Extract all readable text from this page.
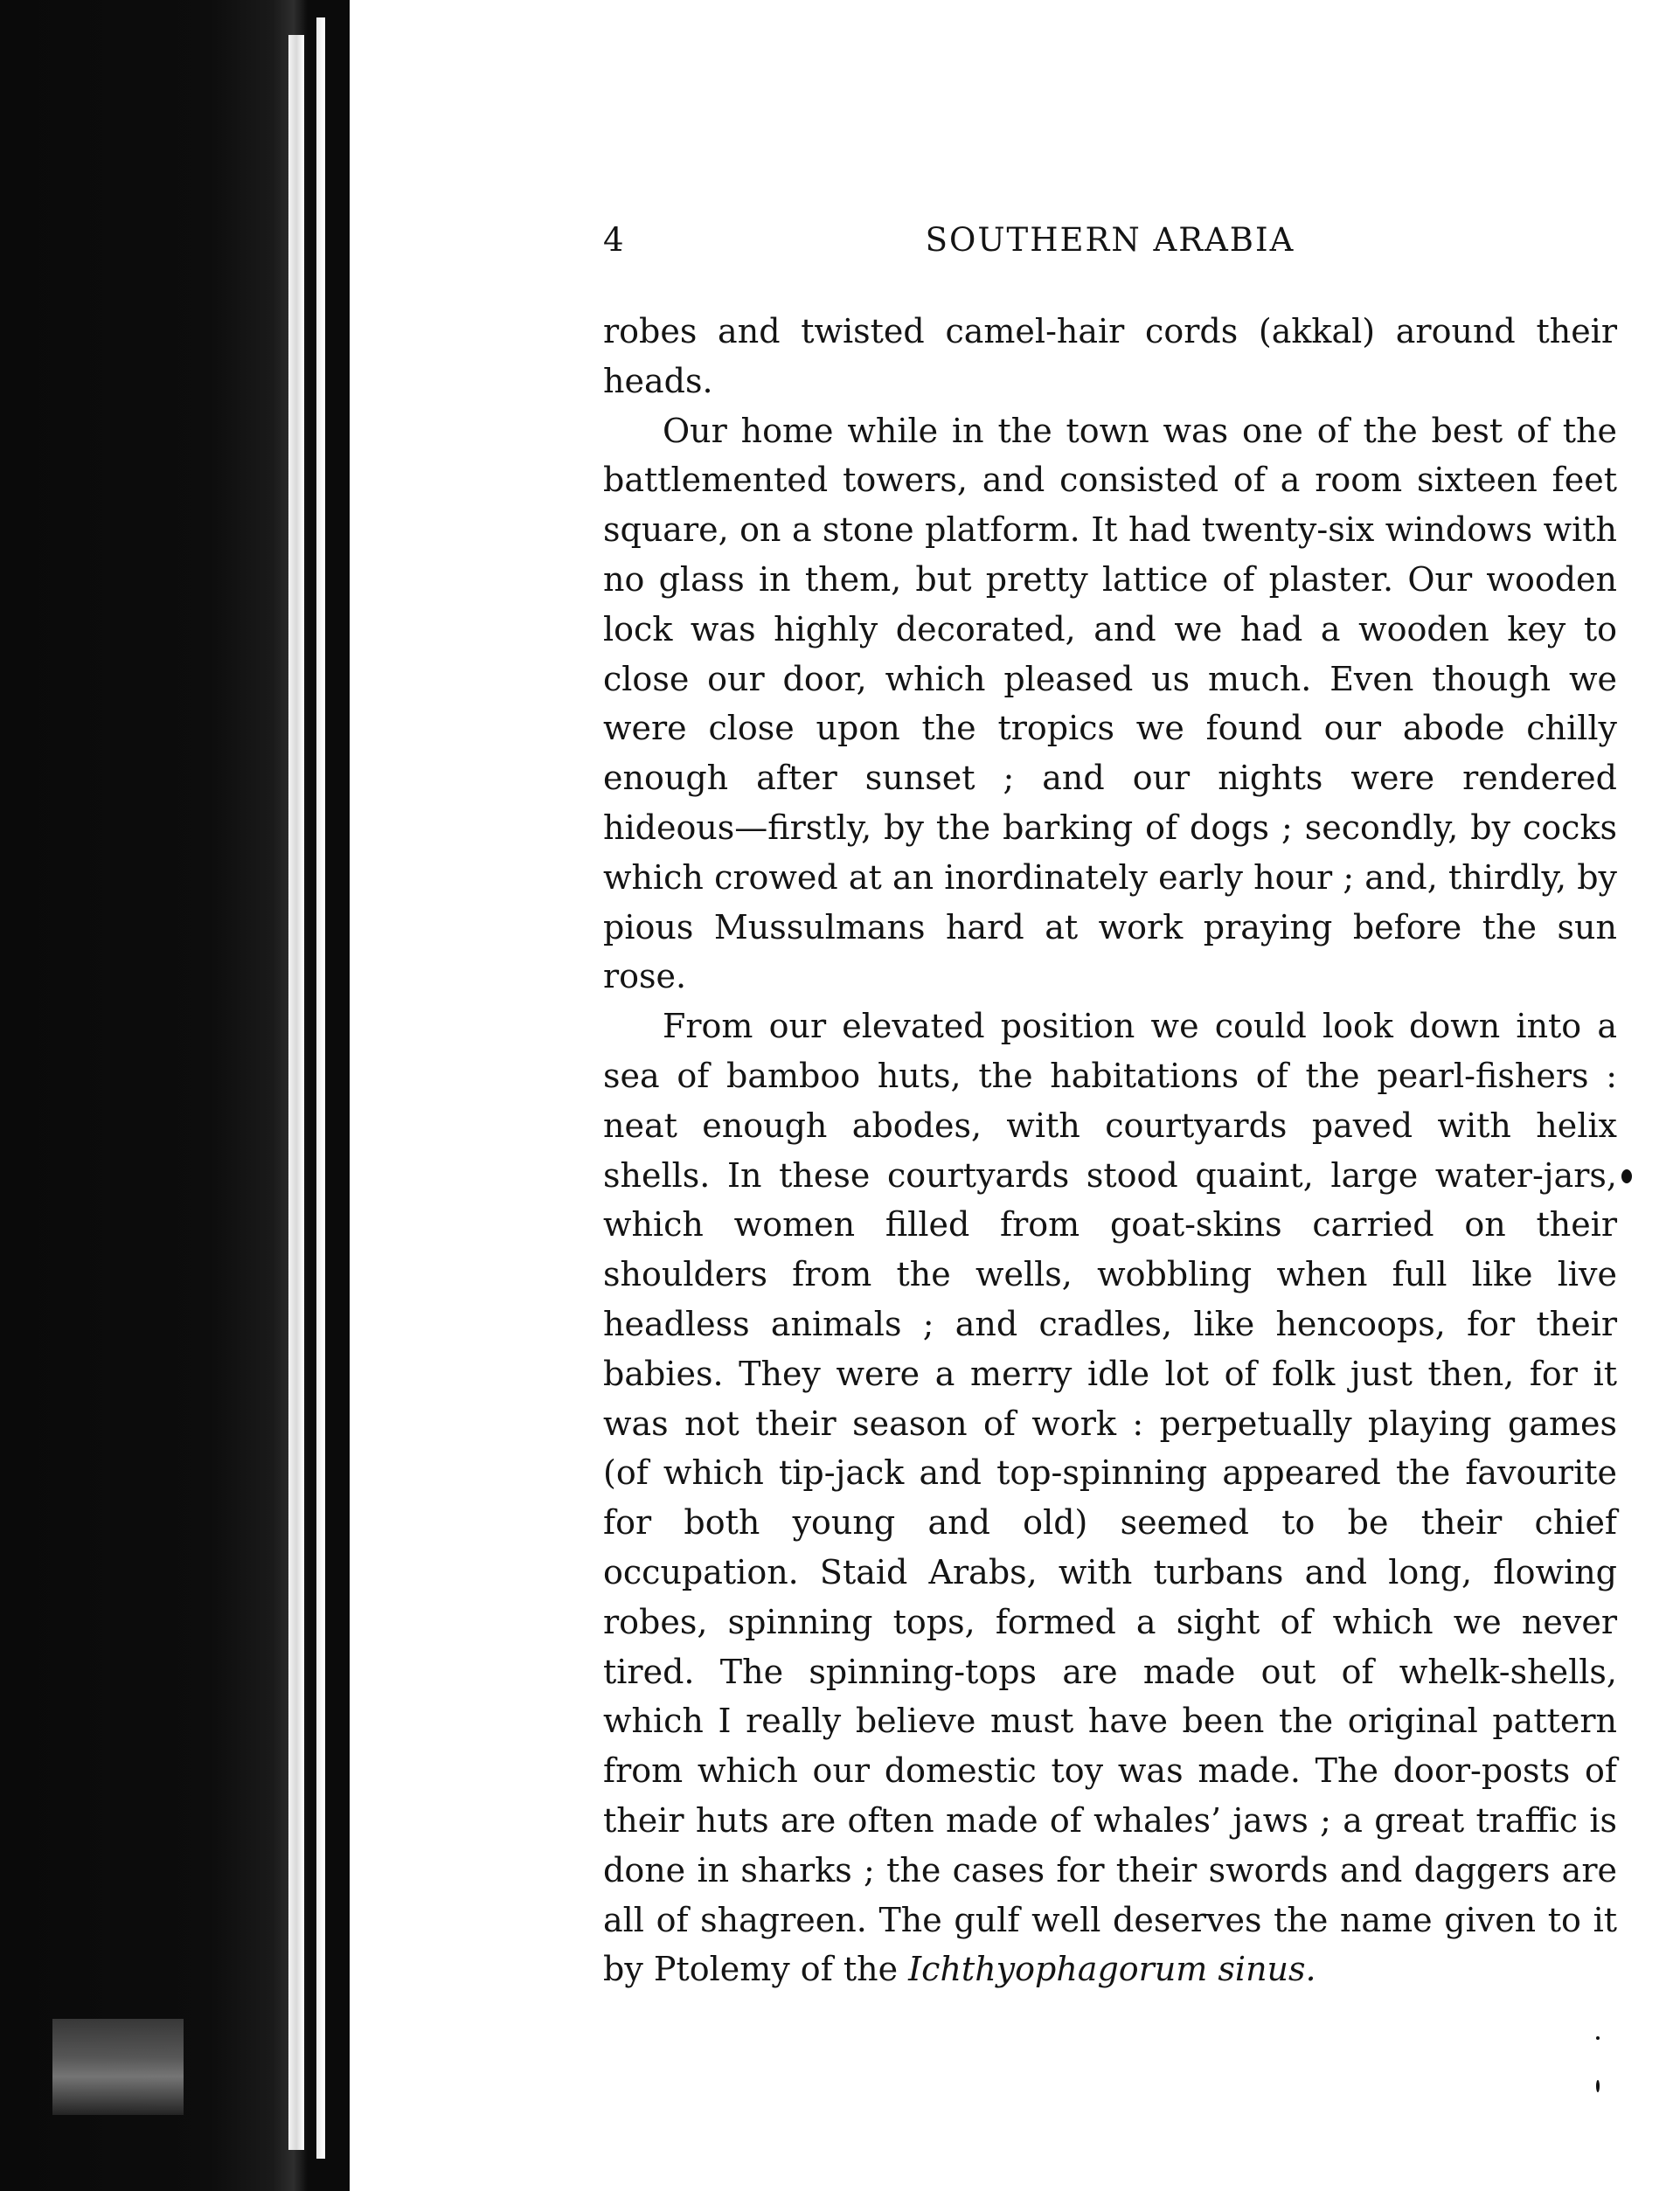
4	SOUTHERN ARABIA

robes and twisted camel-hair cords (akkal) around their heads.

Our home while in the town was one of the best of the battlemented towers, and consisted of a room sixteen feet square, on a stone platform. It had twenty-six windows with no glass in them, but pretty lattice of plaster. Our wooden lock was highly decorated, and we had a wooden key to close our door, which pleased us much. Even though we were close upon the tropics we found our abode chilly enough after sunset ; and our nights were rendered hideous—firstly, by the barking of dogs ; secondly, by cocks which crowed at an inordinately early hour ; and, thirdly, by pious Mussulmans hard at work praying before the sun rose.

From our elevated position we could look down into a sea of bamboo huts, the habitations of the pearl-fishers : neat enough abodes, with courtyards paved with helix shells. In these courtyards stood quaint, large water-jars, which women filled from goat-skins carried on their shoulders from the wells, wobbling when full like live headless animals ; and cradles, like hencoops, for their babies. They were a merry idle lot of folk just then, for it was not their season of work : perpetually playing games (of which tip-jack and top-spinning appeared the favourite for both young and old) seemed to be their chief occupation. Staid Arabs, with turbans and long, flowing robes, spinning tops, formed a sight of which we never tired. The spinning-tops are made out of whelk-shells, which I really believe must have been the original pattern from which our domestic toy was made. The door-posts of their huts are often made of whales’ jaws ; a great traffic is done in sharks ; the cases for their swords and daggers are all of shagreen. The gulf well deserves the name given to it by Ptolemy of the Ichthyophagorum sinus.
